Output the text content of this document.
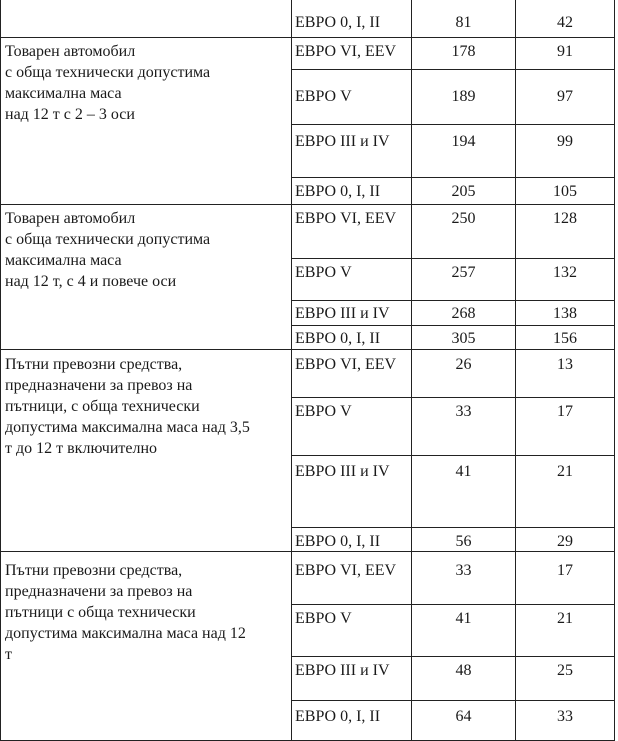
ЕВРО 0, I, II	81	42
Товарен автомобил
с обща технически допустима
максимална маса
над 12 т с 2 – 3 оси
ЕВРО VI, EEV	178	91
ЕВРО V	189	97
ЕВРО III и IV	194	99
ЕВРО 0, I, II	205	105
Товарен автомобил
с обща технически допустима
максимална маса
над 12 т, с 4 и повече оси
ЕВРО VI, EEV	250	128
ЕВРО V	257	132
ЕВРО III и IV	268	138
ЕВРО 0, I, II	305	156
Пътни превозни средства,
предназначени за превоз на
пътници, с обща технически
допустима максимална маса над 3,5
т до 12 т включително
ЕВРО VI, EEV	26	13
ЕВРО V	33	17
ЕВРО III и IV	41	21
ЕВРО 0, I, II	56	29
Пътни превозни средства,
предназначени за превоз на
пътници с обща технически
допустима максимална маса над 12
т
ЕВРО VI, EEV	33	17
ЕВРО V	41	21
ЕВРО III и IV	48	25
ЕВРО 0, I, II	64	33
